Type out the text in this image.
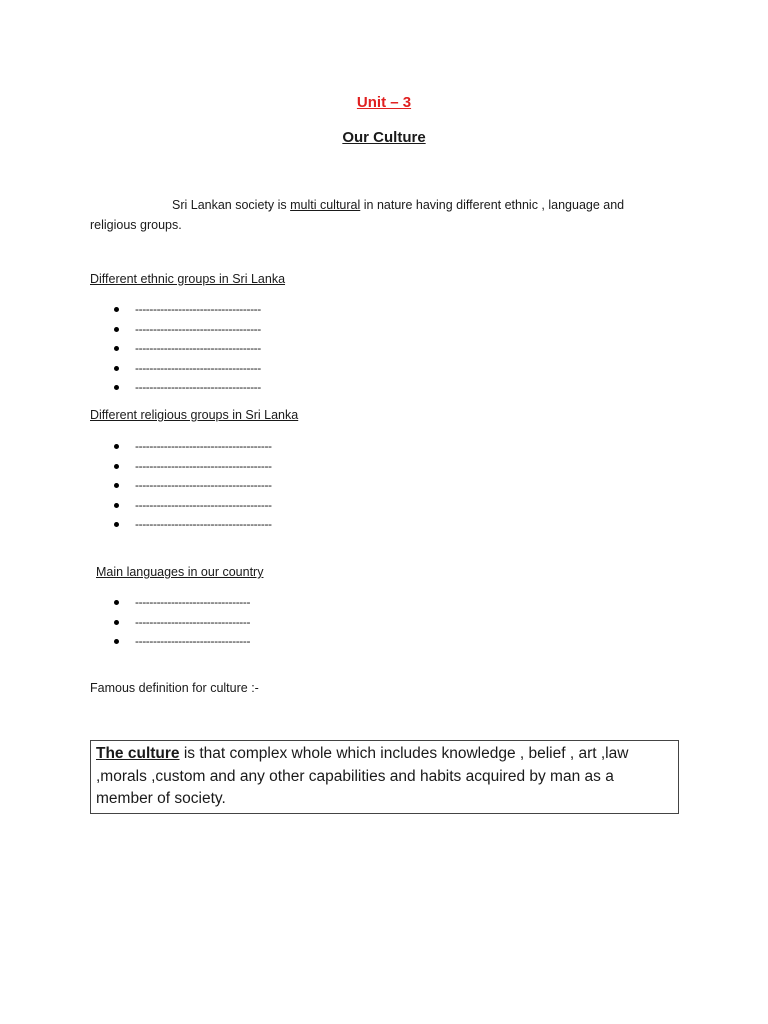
Unit – 3
Our Culture
Sri Lankan society is multi cultural in nature having different ethnic , language and religious groups.
Different ethnic groups in Sri Lanka
-----------------------------------
-----------------------------------
-----------------------------------
-----------------------------------
-----------------------------------
Different religious groups in Sri Lanka
--------------------------------------
--------------------------------------
--------------------------------------
--------------------------------------
--------------------------------------
Main languages in our country
--------------------------------
--------------------------------
--------------------------------
Famous definition for culture :-
The culture is that complex whole which includes knowledge , belief , art ,law ,morals ,custom and any other capabilities and habits acquired by man as a member of society.
